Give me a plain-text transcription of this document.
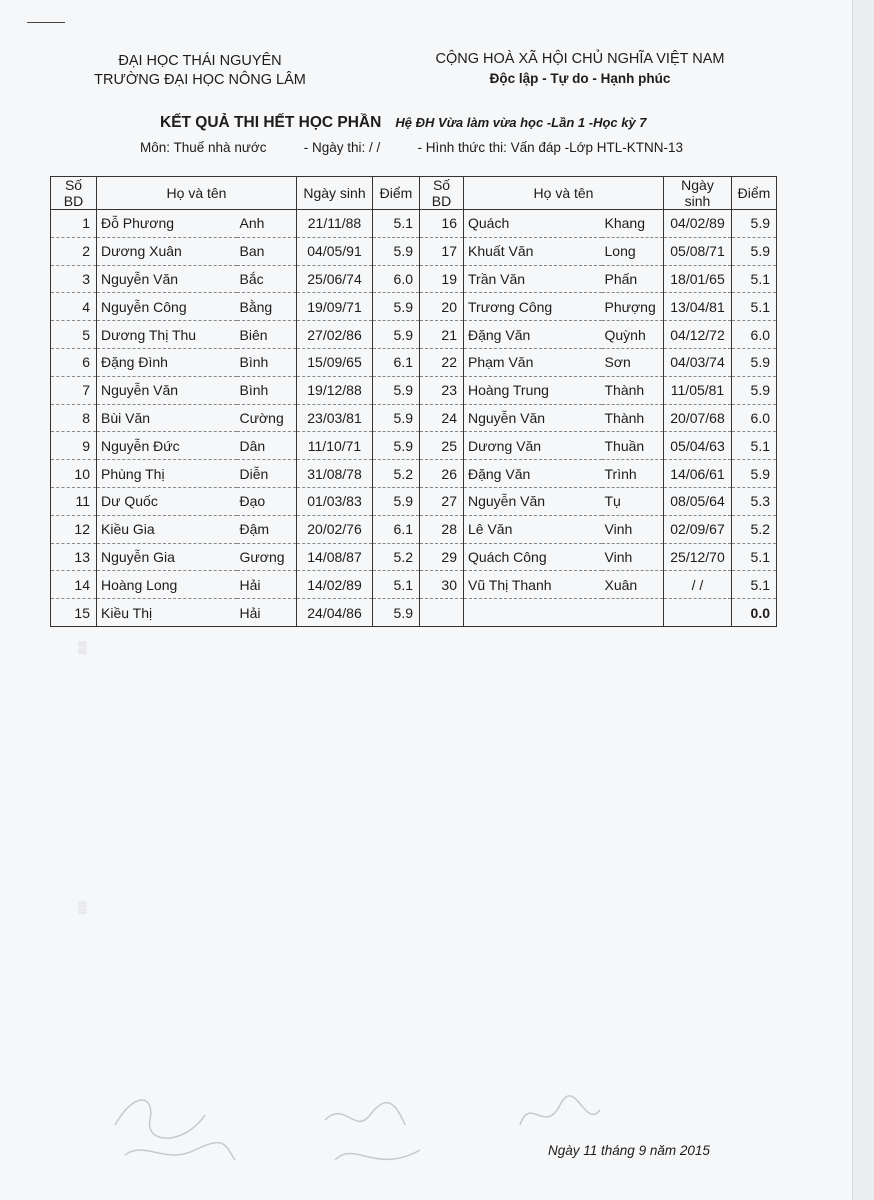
ĐẠI HỌC THÁI NGUYÊN
TRƯỜNG ĐẠI HỌC NÔNG LÂM
CỘNG HOÀ XÃ HỘI CHỦ NGHĨA VIỆT NAM
Độc lập - Tự do - Hạnh phúc
KẾT QUẢ THI HẾT HỌC PHẦN Hệ ĐH Vừa làm vừa học -Lần 1 -Học kỳ 7
Môn: Thuế nhà nước	- Ngày thi: / /	- Hình thức thi: Vấn đáp -Lớp HTL-KTNN-13
Số BD	Họ và tên		Ngày sinh	Điểm	Số BD	Họ và tên		Ngày sinh	Điểm
1	Đỗ Phương	Anh	21/11/88	5.1	16	Quách	Khang	04/02/89	5.9
2	Dương Xuân	Ban	04/05/91	5.9	17	Khuất Văn	Long	05/08/71	5.9
3	Nguyễn Văn	Bắc	25/06/74	6.0	19	Trần Văn	Phấn	18/01/65	5.1
4	Nguyễn Công	Bằng	19/09/71	5.9	20	Trương Công	Phượng	13/04/81	5.1
5	Dương Thị Thu	Biên	27/02/86	5.9	21	Đặng Văn	Quỳnh	04/12/72	6.0
6	Đặng Đình	Bình	15/09/65	6.1	22	Phạm Văn	Sơn	04/03/74	5.9
7	Nguyễn Văn	Bình	19/12/88	5.9	23	Hoàng Trung	Thành	11/05/81	5.9
8	Bùi Văn	Cường	23/03/81	5.9	24	Nguyễn Văn	Thành	20/07/68	6.0
9	Nguyễn Đức	Dân	11/10/71	5.9	25	Dương Văn	Thuần	05/04/63	5.1
10	Phùng Thị	Diễn	31/08/78	5.2	26	Đặng Văn	Trình	14/06/61	5.9
11	Dư Quốc	Đạo	01/03/83	5.9	27	Nguyễn Văn	Tụ	08/05/64	5.3
12	Kiều Gia	Đậm	20/02/76	6.1	28	Lê Văn	Vinh	02/09/67	5.2
13	Nguyễn Gia	Gương	14/08/87	5.2	29	Quách Công	Vinh	25/12/70	5.1
14	Hoàng Long	Hải	14/02/89	5.1	30	Vũ Thị Thanh	Xuân	/ /	5.1
15	Kiều Thị	Hải	24/04/86	5.9					0.0
▒
▒
Ngày 11 tháng 9 năm 2015
